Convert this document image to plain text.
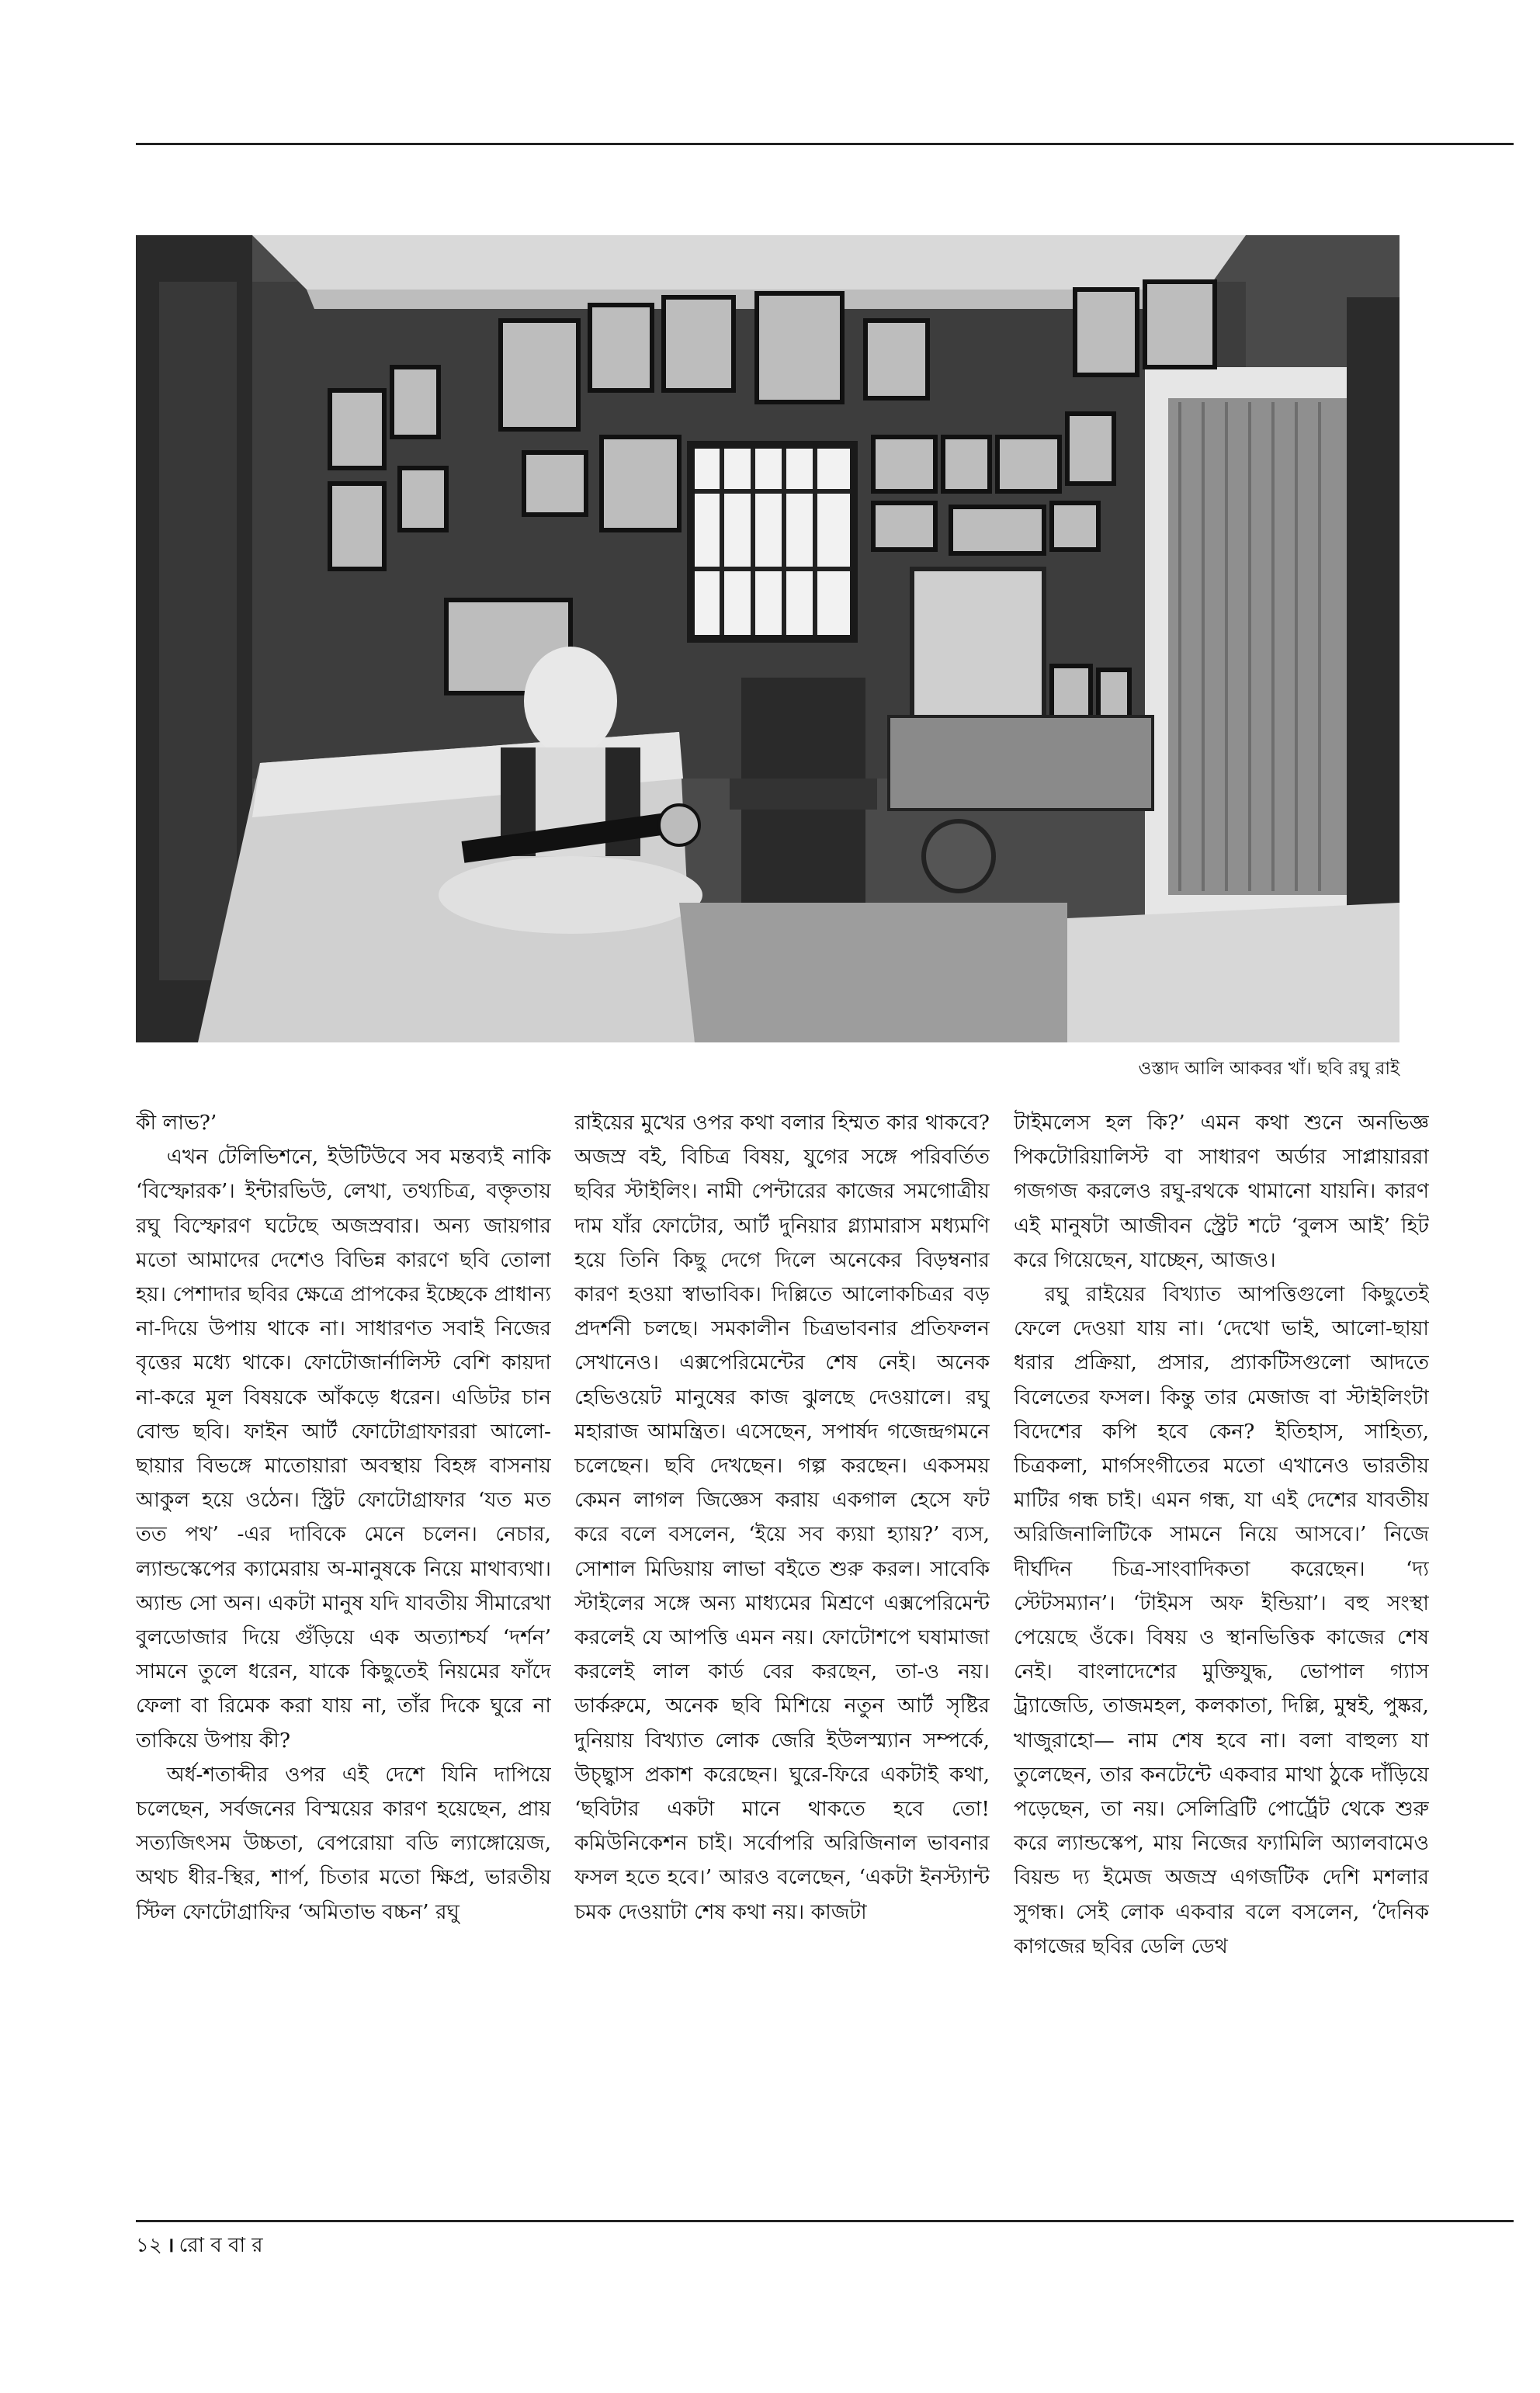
ওস্তাদ আলি আকবর খাঁ। ছবি রঘু রাই

কী লাভ?’

এখন টেলিভিশনে, ইউটিউবে সব মন্তব্যই নাকি ‘বিস্ফোরক’। ইন্টারভিউ, লেখা, তথ্যচিত্র, বক্তৃতায় রঘু বিস্ফোরণ ঘটেছে অজস্রবার। অন্য জায়গার মতো আমাদের দেশেও বিভিন্ন কারণে ছবি তোলা হয়। পেশাদার ছবির ক্ষেত্রে প্রাপকের ইচ্ছেকে প্রাধান্য না-দিয়ে উপায় থাকে না। সাধারণত সবাই নিজের বৃত্তের মধ্যে থাকে। ফোটোজার্নালিস্ট বেশি কায়দা না-করে মূল বিষয়কে আঁকড়ে ধরেন। এডিটর চান বোল্ড ছবি। ফাইন আর্ট ফোটোগ্রাফাররা আলো-ছায়ার বিভঙ্গে মাতোয়ারা অবস্থায় বিহঙ্গ বাসনায় আকুল হয়ে ওঠেন। স্ট্রিট ফোটোগ্রাফার ‘যত মত তত পথ’ -এর দাবিকে মেনে চলেন। নেচার, ল্যান্ডস্কেপের ক্যামেরায় অ-মানুষকে নিয়ে মাথাব্যথা। অ্যান্ড সো অন। একটা মানুষ যদি যাবতীয় সীমারেখা বুলডোজার দিয়ে গুঁড়িয়ে এক অত্যাশ্চর্য ‘দর্শন’ সামনে তুলে ধরেন, যাকে কিছুতেই নিয়মের ফাঁদে ফেলা বা রিমেক করা যায় না, তাঁর দিকে ঘুরে না তাকিয়ে উপায় কী?

অর্ধ-শতাব্দীর ওপর এই দেশে যিনি দাপিয়ে চলেছেন, সর্বজনের বিস্ময়ের কারণ হয়েছেন, প্রায় সত্যজিৎসম উচ্চতা, বেপরোয়া বডি ল্যাঙ্গোয়েজ, অথচ ধীর-স্থির, শার্প, চিতার মতো ক্ষিপ্র, ভারতীয় স্টিল ফোটোগ্রাফির ‘অমিতাভ বচ্চন’ রঘু

রাইয়ের মুখের ওপর কথা বলার হিম্মত কার থাকবে? অজস্র বই, বিচিত্র বিষয়, যুগের সঙ্গে পরিবর্তিত ছবির স্টাইলিং। নামী পেন্টারের কাজের সমগোত্রীয় দাম যাঁর ফোটোর, আর্ট দুনিয়ার গ্ল্যামারাস মধ্যমণি হয়ে তিনি কিছু দেগে দিলে অনেকের বিড়ম্বনার কারণ হওয়া স্বাভাবিক। দিল্লিতে আলোকচিত্রর বড় প্রদর্শনী চলছে। সমকালীন চিত্রভাবনার প্রতিফলন সেখানেও। এক্সপেরিমেন্টের শেষ নেই। অনেক হেভিওয়েট মানুষের কাজ ঝুলছে দেওয়ালে। রঘু মহারাজ আমন্ত্রিত। এসেছেন, সপার্ষদ গজেন্দ্রগমনে চলেছেন। ছবি দেখছেন। গল্প করছেন। একসময় কেমন লাগল জিজ্ঞেস করায় একগাল হেসে ফট করে বলে বসলেন, ‘ইয়ে সব ক্যয়া হ্যায়?’ ব্যস, সোশাল মিডিয়ায় লাভা বইতে শুরু করল। সাবেকি স্টাইলের সঙ্গে অন্য মাধ্যমের মিশ্রণে এক্সপেরিমেন্ট করলেই যে আপত্তি এমন নয়। ফোটোশপে ঘষামাজা করলেই লাল কার্ড বের করছেন, তা-ও নয়। ডার্করুমে, অনেক ছবি মিশিয়ে নতুন আর্ট সৃষ্টির দুনিয়ায় বিখ্যাত লোক জেরি ইউলস্ম্যান সম্পর্কে, উচ্ছ্বাস প্রকাশ করেছেন। ঘুরে-ফিরে একটাই কথা, ‘ছবিটার একটা মানে থাকতে হবে তো! কমিউনিকেশন চাই। সর্বোপরি অরিজিনাল ভাবনার ফসল হতে হবে।’ আরও বলেছেন, ‘একটা ইনস্ট্যান্ট চমক দেওয়াটা শেষ কথা নয়। কাজটা

টাইমলেস হল কি?’ এমন কথা শুনে অনভিজ্ঞ পিকটোরিয়ালিস্ট বা সাধারণ অর্ডার সাপ্লায়াররা গজগজ করলেও রঘু-রথকে থামানো যায়নি। কারণ এই মানুষটা আজীবন স্ট্রেট শটে ‘বুলস আই’ হিট করে গিয়েছেন, যাচ্ছেন, আজও।

রঘু রাইয়ের বিখ্যাত আপত্তিগুলো কিছুতেই ফেলে দেওয়া যায় না। ‘দেখো ভাই, আলো-ছায়া ধরার প্রক্রিয়া, প্রসার, প্র্যাকটিসগুলো আদতে বিলেতের ফসল। কিন্তু তার মেজাজ বা স্টাইলিংটা বিদেশের কপি হবে কেন? ইতিহাস, সাহিত্য, চিত্রকলা, মার্গসংগীতের মতো এখানেও ভারতীয় মাটির গন্ধ চাই। এমন গন্ধ, যা এই দেশের যাবতীয় অরিজিনালিটিকে সামনে নিয়ে আসবে।’ নিজে দীর্ঘদিন চিত্র-সাংবাদিকতা করেছেন। ‘দ্য স্টেটসম্যান’। ‘টাইমস অফ ইন্ডিয়া’। বহু সংস্থা পেয়েছে ওঁকে। বিষয় ও স্থানভিত্তিক কাজের শেষ নেই। বাংলাদেশের মুক্তিযুদ্ধ, ভোপাল গ্যাস ট্র্যাজেডি, তাজমহল, কলকাতা, দিল্লি, মুম্বই, পুষ্কর, খাজুরাহো— নাম শেষ হবে না। বলা বাহুল্য যা তুলেছেন, তার কনটেন্টে একবার মাথা ঠুকে দাঁড়িয়ে পড়েছেন, তা নয়। সেলিব্রিটি পোর্ট্রেট থেকে শুরু করে ল্যান্ডস্কেপ, মায় নিজের ফ্যামিলি অ্যালবামেও বিয়ন্ড দ্য ইমেজ অজস্র এগজটিক দেশি মশলার সুগন্ধ। সেই লোক একবার বলে বসলেন, ‘দৈনিক কাগজের ছবির ডেলি ডেথ

১২ । রো ব বা র
